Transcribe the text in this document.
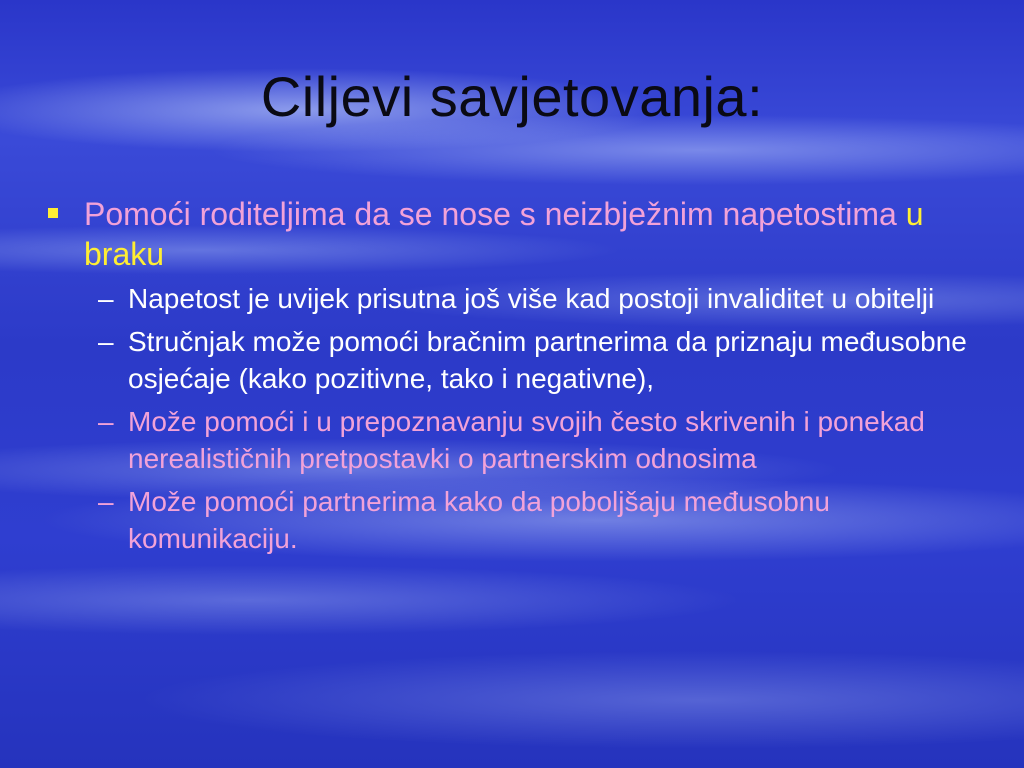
Ciljevi savjetovanja:
Pomoći roditeljima da se nose s neizbježnim napetostima u braku
– Napetost je uvijek prisutna još više kad postoji invaliditet u obitelji
– Stručnjak može pomoći bračnim partnerima da priznaju međusobne osjećaje (kako pozitivne, tako i negativne),
– Može pomoći i u prepoznavanju svojih često skrivenih i ponekad nerealističnih pretpostavki o partnerskim odnosima
– Može pomoći partnerima kako da poboljšaju međusobnu komunikaciju.
